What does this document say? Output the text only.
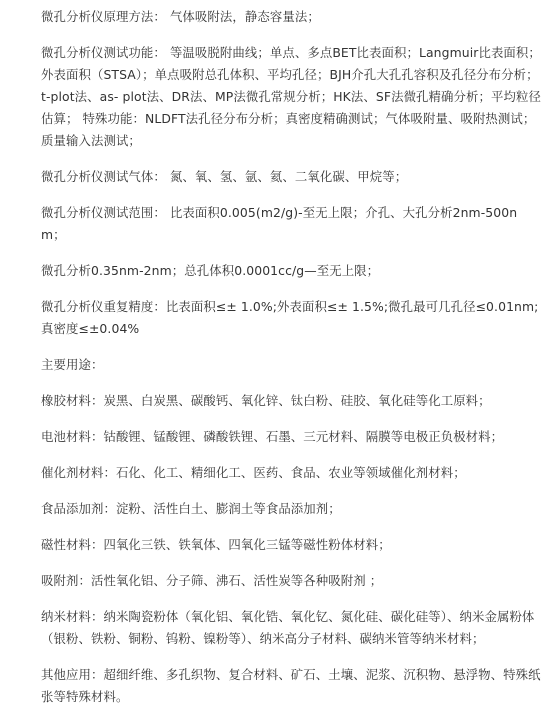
微孔分析仪原理方法： 气体吸附法，静态容量法；

微孔分析仪测试功能： 等温吸脱附曲线；单点、多点BET比表面积；Langmuir比表面积；外表面积（STSA）；单点吸附总孔体积、平均孔径；BJH介孔大孔孔容积及孔径分布分析；t-plot法、as- plot法、DR法、MP法微孔常规分析；HK法、SF法微孔精确分析；平均粒径估算； 特殊功能：NLDFT法孔径分布分析；真密度精确测试；气体吸附量、吸附热测试；质量输入法测试；

微孔分析仪测试气体： 氮、氧、氢、氩、氦、二氧化碳、甲烷等；

微孔分析仪测试范围： 比表面积0.005(m2/g)-至无上限；介孔、大孔分析2nm-500nm；

微孔分析0.35nm-2nm；总孔体积0.0001cc/g—至无上限；

微孔分析仪重复精度：比表面积≤± 1.0%;外表面积≤± 1.5%;微孔最可几孔径≤0.01nm;真密度≤±0.04%

主要用途：

橡胶材料：炭黑、白炭黑、碳酸钙、氧化锌、钛白粉、硅胶、氧化硅等化工原料；

电池材料：钴酸锂、锰酸锂、磷酸铁锂、石墨、三元材料、隔膜等电极正负极材料；

催化剂材料：石化、化工、精细化工、医药、食品、农业等领域催化剂材料；

食品添加剂：淀粉、活性白土、膨润土等食品添加剂；

磁性材料：四氧化三铁、铁氧体、四氧化三锰等磁性粉体材料；

吸附剂：活性氧化铝、分子筛、沸石、活性炭等各种吸附剂 ；

纳米材料：纳米陶瓷粉体（氧化铝、氧化锆、氧化钇、氮化硅、碳化硅等）、纳米金属粉体（银粉、铁粉、铜粉、钨粉、镍粉等）、纳米高分子材料、碳纳米管等纳米材料；

其他应用：超细纤维、多孔织物、复合材料、矿石、土壤、泥浆、沉积物、悬浮物、特殊纸张等特殊材料。
